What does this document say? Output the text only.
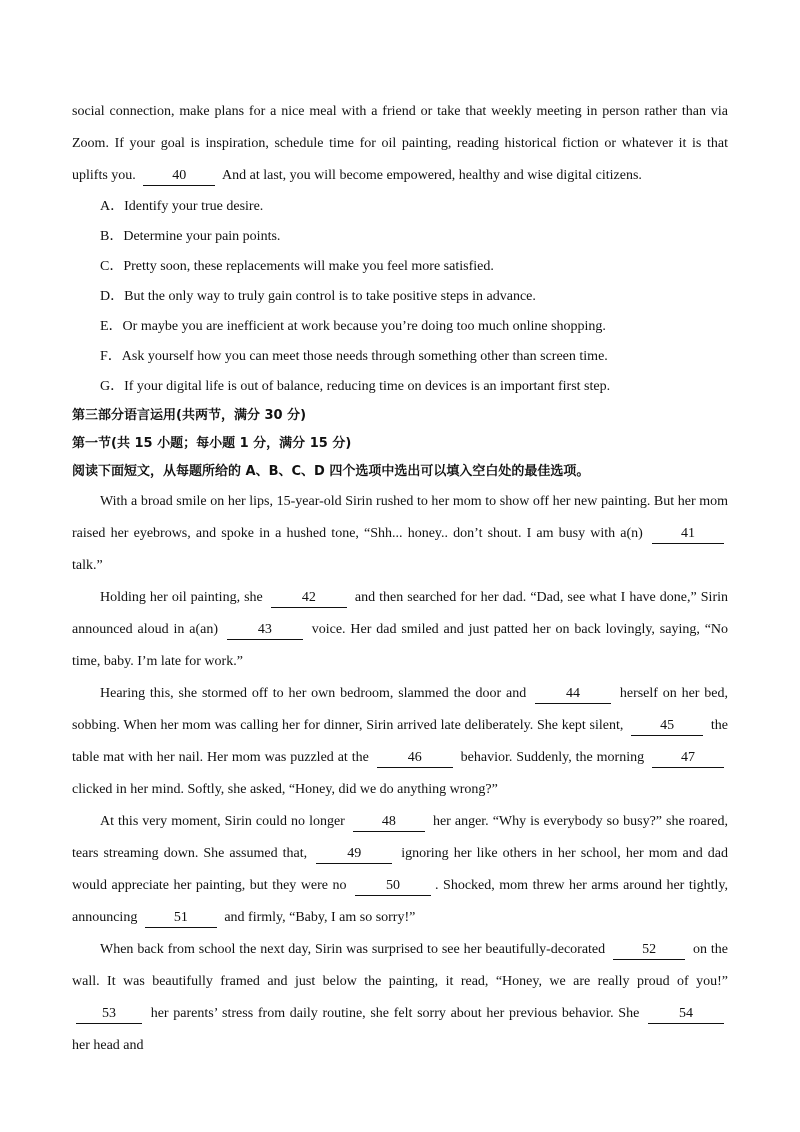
social connection, make plans for a nice meal with a friend or take that weekly meeting in person rather than via Zoom. If your goal is inspiration, schedule time for oil painting, reading historical fiction or whatever it is that uplifts you.	40	And at last, you will become empowered, healthy and wise digital citizens.

A．Identify your true desire.

B．Determine your pain points.

C．Pretty soon, these replacements will make you feel more satisfied.

D．But the only way to truly gain control is to take positive steps in advance.

E．Or maybe you are inefficient at work because you’re doing too much online shopping.

F．Ask yourself how you can meet those needs through something other than screen time.

G．If your digital life is out of balance, reducing time on devices is an important first step.

第三部分语言运用(共两节，满分 30 分)

第一节(共 15 小题；每小题 1 分，满分 15 分)

阅读下面短文，从每题所给的 A、B、C、D 四个选项中选出可以填入空白处的最佳选项。

With a broad smile on her lips, 15-year-old Sirin rushed to her mom to show off her new painting. But her mom raised her eyebrows, and spoke in a hushed tone, “Shh... honey.. don’t shout. I am busy with a(n)	41 talk.”

Holding her oil painting, she	42	and then searched for her dad. “Dad, see what I have done,” Sirin announced aloud in a(an)	43	voice. Her dad smiled and just patted her on back lovingly, saying, “No time, baby. I’m late for work.”

Hearing this, she stormed off to her own bedroom, slammed the door and	44	herself on her bed, sobbing. When her mom was calling her for dinner, Sirin arrived late deliberately. She kept silent,	45	the table mat with her nail. Her mom was puzzled at the	46	behavior. Suddenly, the morning	47 clicked in her mind. Softly, she asked, “Honey, did we do anything wrong?”

At this very moment, Sirin could no longer	48	her anger. “Why is everybody so busy?” she roared, tears streaming down. She assumed that,	49	ignoring her like others in her school, her mom and dad would appreciate her painting, but they were no	50	. Shocked, mom threw her arms around her tightly, announcing	51	and firmly, “Baby, I am so sorry!”

When back from school the next day, Sirin was surprised to see her beautifully-decorated	52	on the wall. It was beautifully framed and just below the painting, it read, “Honey, we are really proud of you!” 53 her parents’ stress from daily routine, she felt sorry about her previous behavior. She	54 her head and
